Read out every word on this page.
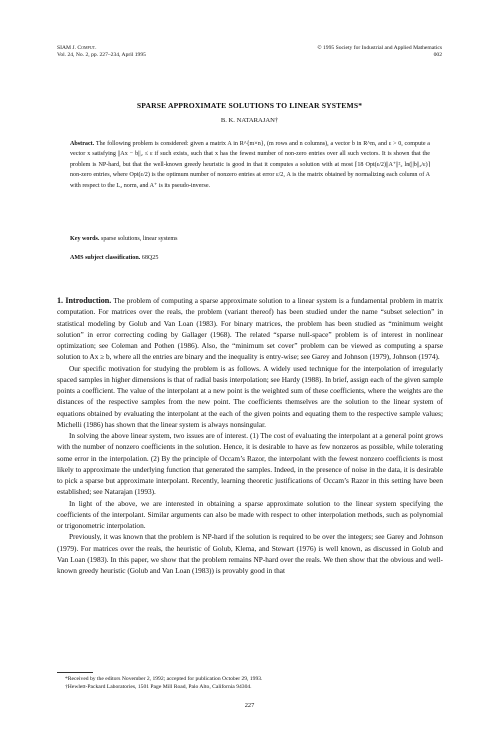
SIAM J. Comput.
Vol. 24, No. 2, pp. 227–234, April 1995
© 1995 Society for Industrial and Applied Mathematics
002
SPARSE APPROXIMATE SOLUTIONS TO LINEAR SYSTEMS*
B. K. NATARAJAN†

Abstract. The following problem is considered: given a matrix A in R^{m×n}, (m rows and n columns), a vector b in R^m, and ε > 0, compute a vector x satisfying ||Ax − b||₂ ≤ ε if such exists, such that x has the fewest number of non-zero entries over all such vectors. It is shown that the problem is NP-hard, but that the well-known greedy heuristic is good in that it computes a solution with at most ⌈18 Opt(ε/2)||A⁺||²₂ ln(||b||₂/ε)⌉ non-zero entries, where Opt(ε/2) is the optimum number of nonzero entries at error ε/2, A is the matrix obtained by normalizing each column of A with respect to the L₂ norm, and A⁺ is its pseudo-inverse.

Key words. sparse solutions, linear systems

AMS subject classification. 68Q25

1. Introduction. The problem of computing a sparse approximate solution to a linear system is a fundamental problem in matrix computation. For matrices over the reals, the problem (variant thereof) has been studied under the name “subset selection” in statistical modeling by Golub and Van Loan (1983). For binary matrices, the problem has been studied as “minimum weight solution” in error correcting coding by Gallager (1968). The related “sparse null-space” problem is of interest in nonlinear optimization; see Coleman and Pothen (1986). Also, the “minimum set cover” problem can be viewed as computing a sparse solution to Ax ≥ b, where all the entries are binary and the inequality is entry-wise; see Garey and Johnson (1979), Johnson (1974).

Our specific motivation for studying the problem is as follows. A widely used technique for the interpolation of irregularly spaced samples in higher dimensions is that of radial basis interpolation; see Hardy (1988). In brief, assign each of the given sample points a coefficient. The value of the interpolant at a new point is the weighted sum of these coefficients, where the weights are the distances of the respective samples from the new point. The coefficients themselves are the solution to the linear system of equations obtained by evaluating the interpolant at the each of the given points and equating them to the respective sample values; Michelli (1986) has shown that the linear system is always nonsingular.

In solving the above linear system, two issues are of interest. (1) The cost of evaluating the interpolant at a general point grows with the number of nonzero coefficients in the solution. Hence, it is desirable to have as few nonzeros as possible, while tolerating some error in the interpolation. (2) By the principle of Occam’s Razor, the interpolant with the fewest nonzero coefficients is most likely to approximate the underlying function that generated the samples. Indeed, in the presence of noise in the data, it is desirable to pick a sparse but approximate interpolant. Recently, learning theoretic justifications of Occam’s Razor in this setting have been established; see Natarajan (1993).

In light of the above, we are interested in obtaining a sparse approximate solution to the linear system specifying the coefficients of the interpolant. Similar arguments can also be made with respect to other interpolation methods, such as polynomial or trigonometric interpolation.

Previously, it was known that the problem is NP-hard if the solution is required to be over the integers; see Garey and Johnson (1979). For matrices over the reals, the heuristic of Golub, Klema, and Stewart (1976) is well known, as discussed in Golub and Van Loan (1983). In this paper, we show that the problem remains NP-hard over the reals. We then show that the obvious and well-known greedy heuristic (Golub and Van Loan (1983)) is provably good in that

*Received by the editors November 2, 1992; accepted for publication October 29, 1993.
†Hewlett-Packard Laboratories, 1501 Page Mill Road, Palo Alto, California 94304.
227
